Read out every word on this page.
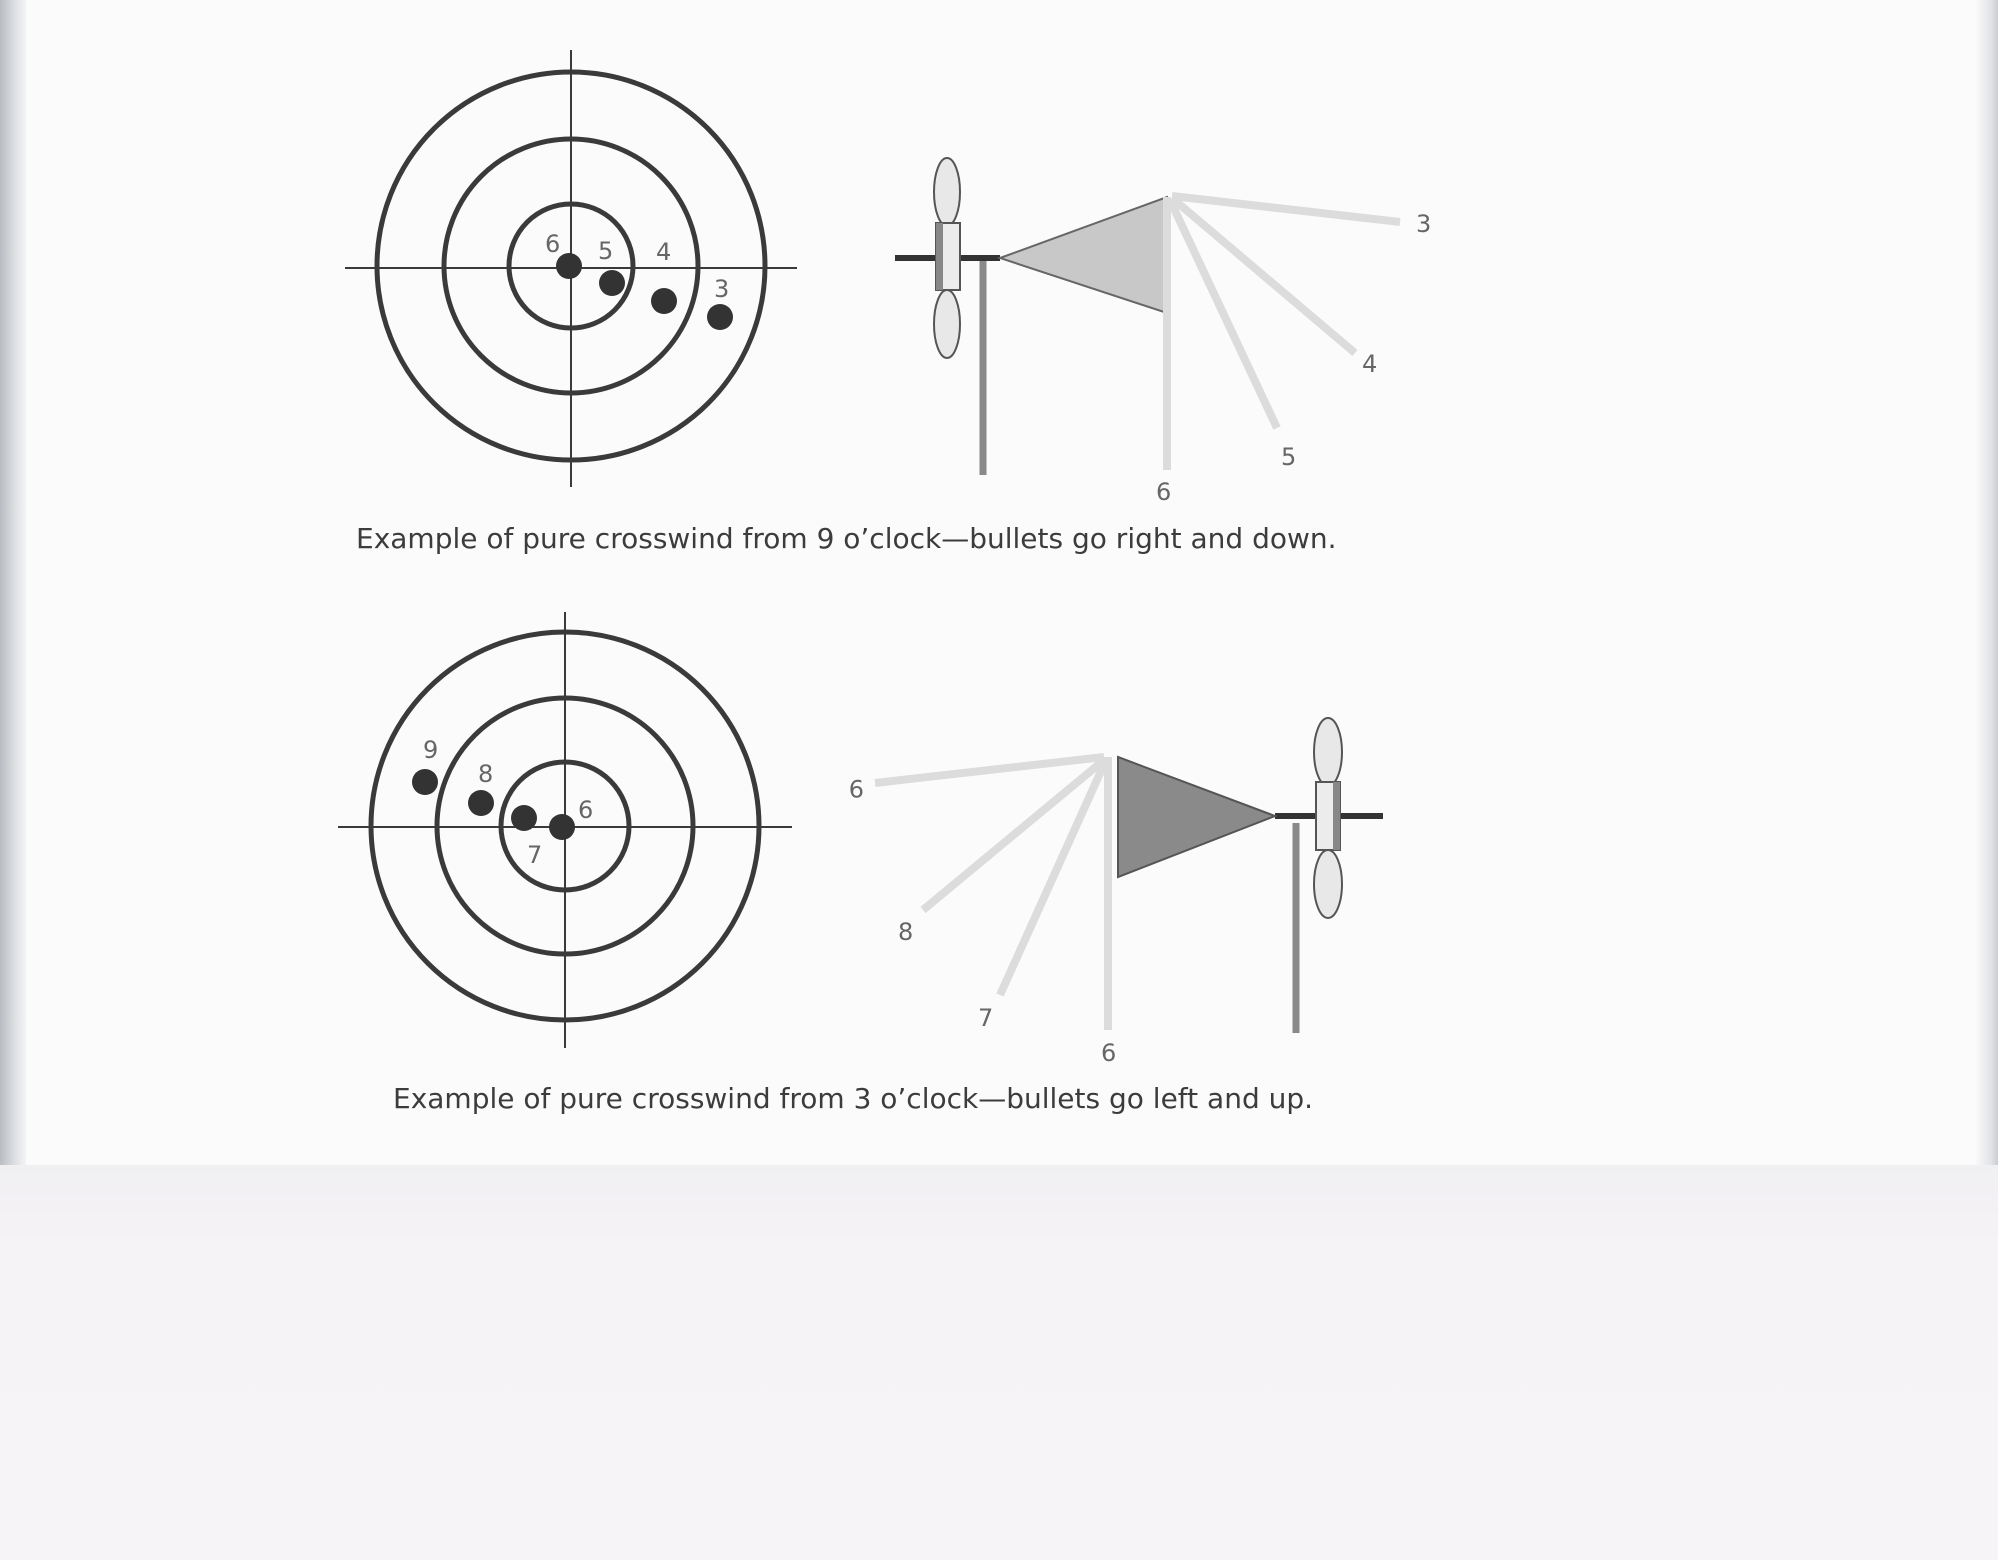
6 5 4
3
3
4
5
6
9
8
7
6
9
8
7
6

Example of pure crosswind from 9 o’clock—bullets go right and down.

Example of pure crosswind from 3 o’clock—bullets go left and up.
